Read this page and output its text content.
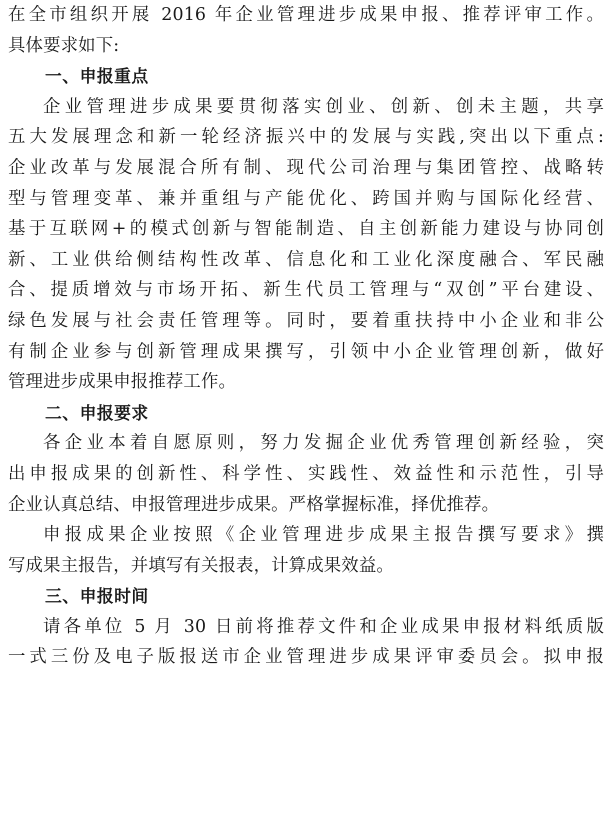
在全市组织开展 2016 年企业管理进步成果申报、推荐评审工作。
具体要求如下:
一、申报重点
企业管理进步成果要贯彻落实创业、创新、创未主题，共享
五大发展理念和新一轮经济振兴中的发展与实践,突出以下重点:
企业改革与发展混合所有制、现代公司治理与集团管控、战略转
型与管理变革、兼并重组与产能优化、跨国并购与国际化经营、
基于互联网+的模式创新与智能制造、自主创新能力建设与协同创
新、工业供给侧结构性改革、信息化和工业化深度融合、军民融
合、提质增效与市场开拓、新生代员工管理与“双创”平台建设、
绿色发展与社会责任管理等。同时，要着重扶持中小企业和非公
有制企业参与创新管理成果撰写，引领中小企业管理创新，做好
管理进步成果申报推荐工作。
二、申报要求
各企业本着自愿原则，努力发掘企业优秀管理创新经验，突
出申报成果的创新性、科学性、实践性、效益性和示范性，引导
企业认真总结、申报管理进步成果。严格掌握标准，择优推荐。
申报成果企业按照《企业管理进步成果主报告撰写要求》撰
写成果主报告，并填写有关报表，计算成果效益。
三、申报时间
请各单位 5 月 30 日前将推荐文件和企业成果申报材料纸质版
一式三份及电子版报送市企业管理进步成果评审委员会。拟申报
